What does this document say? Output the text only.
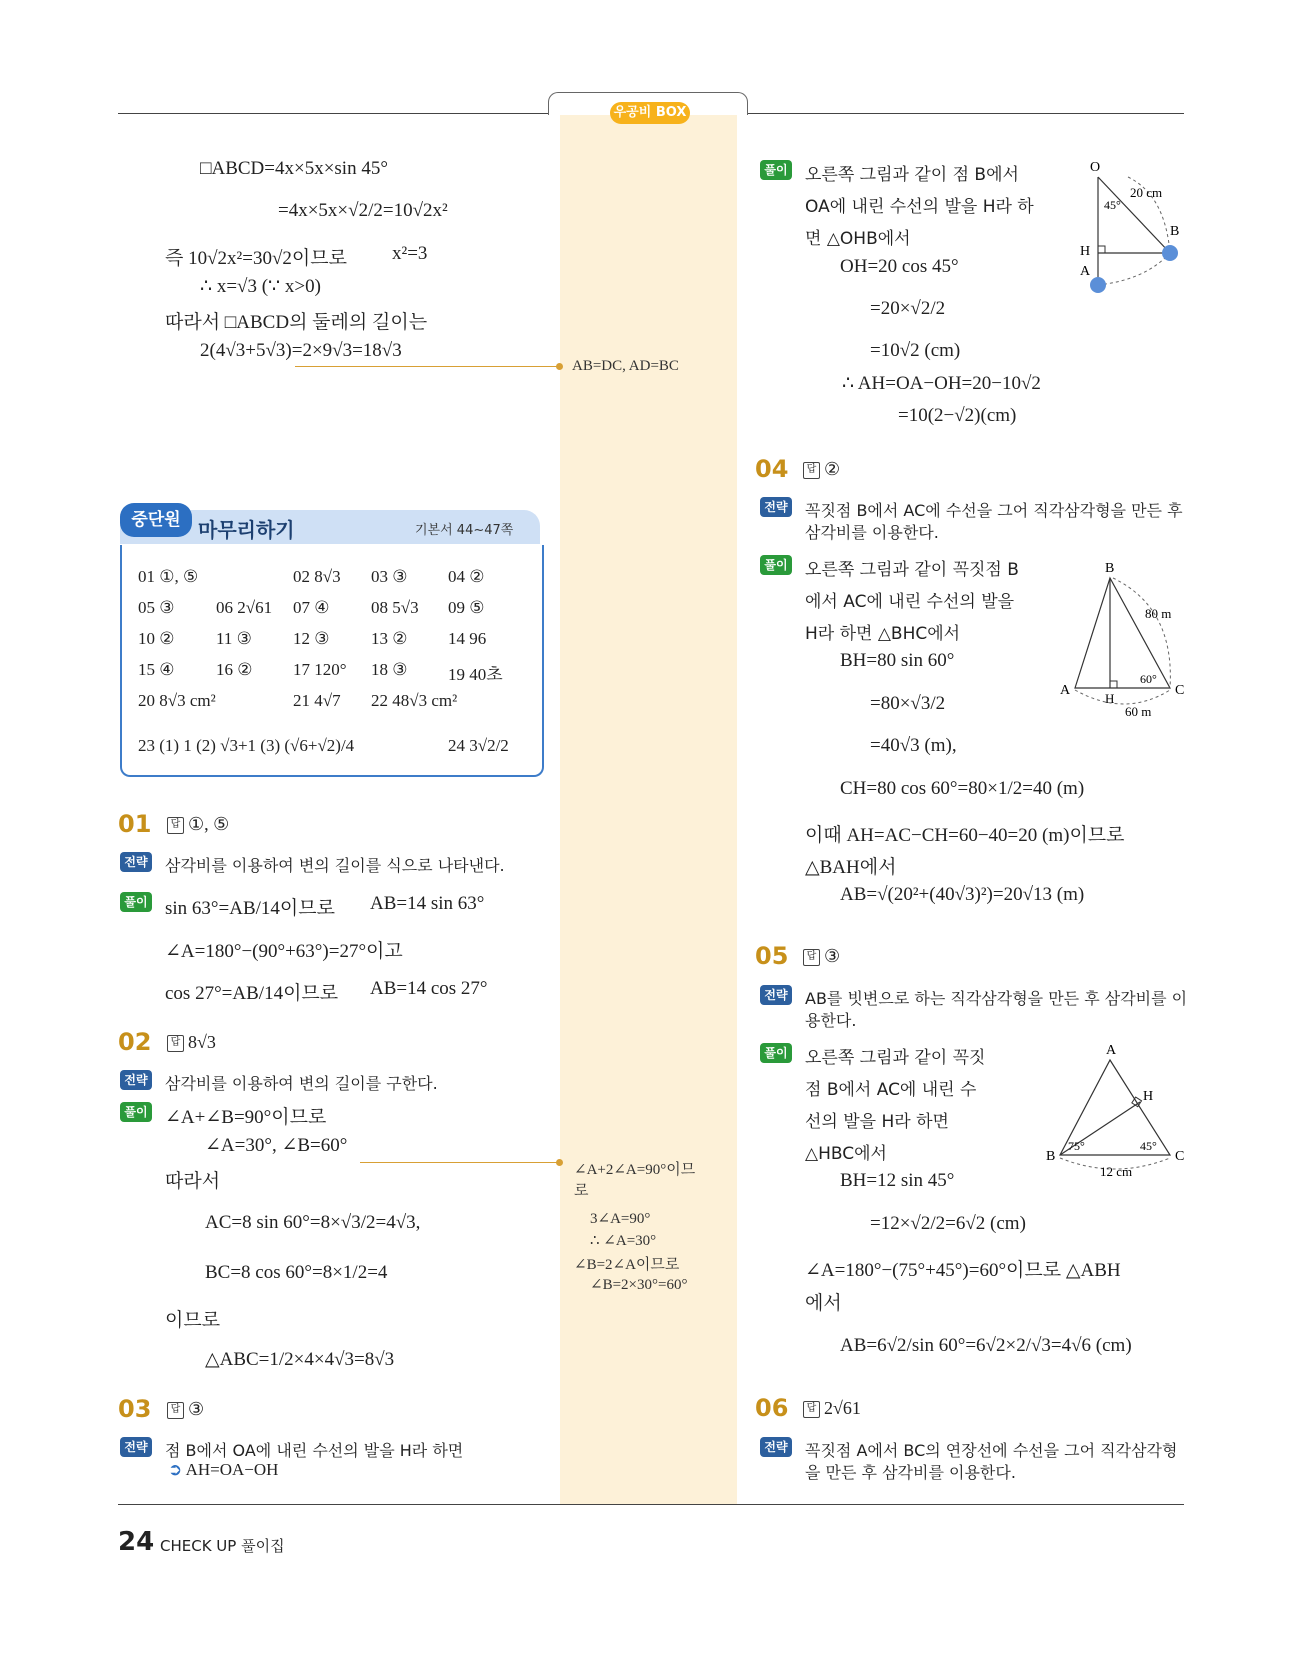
우공비 BOX
□ABCD=4x×5x×sin 45°
=4x×5x×√2/2=10√2x²
즉 10√2x²=30√2이므로 x²=3
∴ x=√3 (∵ x>0)
따라서 □ABCD의 둘레의 길이는
2(4√3+5√3)=2×9√3=18√3
AB=DC, AD=BC
중단원 마무리하기	기본서 44~47쪽
01 ①, ⑤	02 8√3 03 ③ 04 ②
05 ③ 06 2√61 07 ④ 08 5√3 09 ⑤
10 ② 11 ③ 12 ③ 13 ② 14 96
15 ④ 16 ② 17 120° 18 ③ 19 40초
20 8√3 cm²	21 4√7 22 48√3 cm²
23 (1) 1 (2) √3+1 (3) (√6+√2)/4	24 3√2/2
01	답 ①, ⑤
전략 삼각비를 이용하여 변의 길이를 식으로 나타낸다.
풀이 sin 63°=AB/14이므로 AB=14 sin 63°
∠A=180°−(90°+63°)=27°이고
cos 27°=AB/14이므로 AB=14 cos 27°
02	답 8√3
전략 삼각비를 이용하여 변의 길이를 구한다.
풀이 ∠A+∠B=90°이므로
∠A=30°, ∠B=60°
따라서
AC=8 sin 60°=8×√3/2=4√3,
BC=8 cos 60°=8×1/2=4
이므로
△ABC=1/2×4×4√3=8√3
∠A+2∠A=90°이므
로
3∠A=90°
∴ ∠A=30°
∠B=2∠A이므로
∠B=2×30°=60°
03	답 ③
전략 점 B에서 OA에 내린 수선의 발을 H라 하면
➲ AH=OA−OH
풀이 오른쪽 그림과 같이 점 B에서
OA에 내린 수선의 발을 H라 하
면 △OHB에서
OH=20 cos 45°
=20×√2/2
=10√2 (cm)
∴ AH=OA−OH=20−10√2
=10(2−√2)(cm)
O
H
A
B
45°
20 cm
04	답 ②
전략 꼭짓점 B에서 AC에 수선을 그어 직각삼각형을 만든 후
삼각비를 이용한다.
풀이 오른쪽 그림과 같이 꼭짓점 B
에서 AC에 내린 수선의 발을
H라 하면 △BHC에서
BH=80 sin 60°
=80×√3/2
=40√3 (m),
CH=80 cos 60°=80×1/2=40 (m)
이때 AH=AC−CH=60−40=20 (m)이므로
△BAH에서
AB=√(20²+(40√3)²)=20√13 (m)
B
A	C
H
80 m
60°
60 m
05	답 ③
전략 AB를 빗변으로 하는 직각삼각형을 만든 후 삼각비를 이
용한다.
풀이 오른쪽 그림과 같이 꼭짓
점 B에서 AC에 내린 수
선의 발을 H라 하면
△HBC에서
BH=12 sin 45°
=12×√2/2=6√2 (cm)
∠A=180°−(75°+45°)=60°이므로 △ABH
에서
AB=6√2/sin 60°=6√2×2/√3=4√6 (cm)
A
B	C
H
75°	45°
12 cm
06	답 2√61
전략 꼭짓점 A에서 BC의 연장선에 수선을 그어 직각삼각형
을 만든 후 삼각비를 이용한다.
24 CHECK UP 풀이집
